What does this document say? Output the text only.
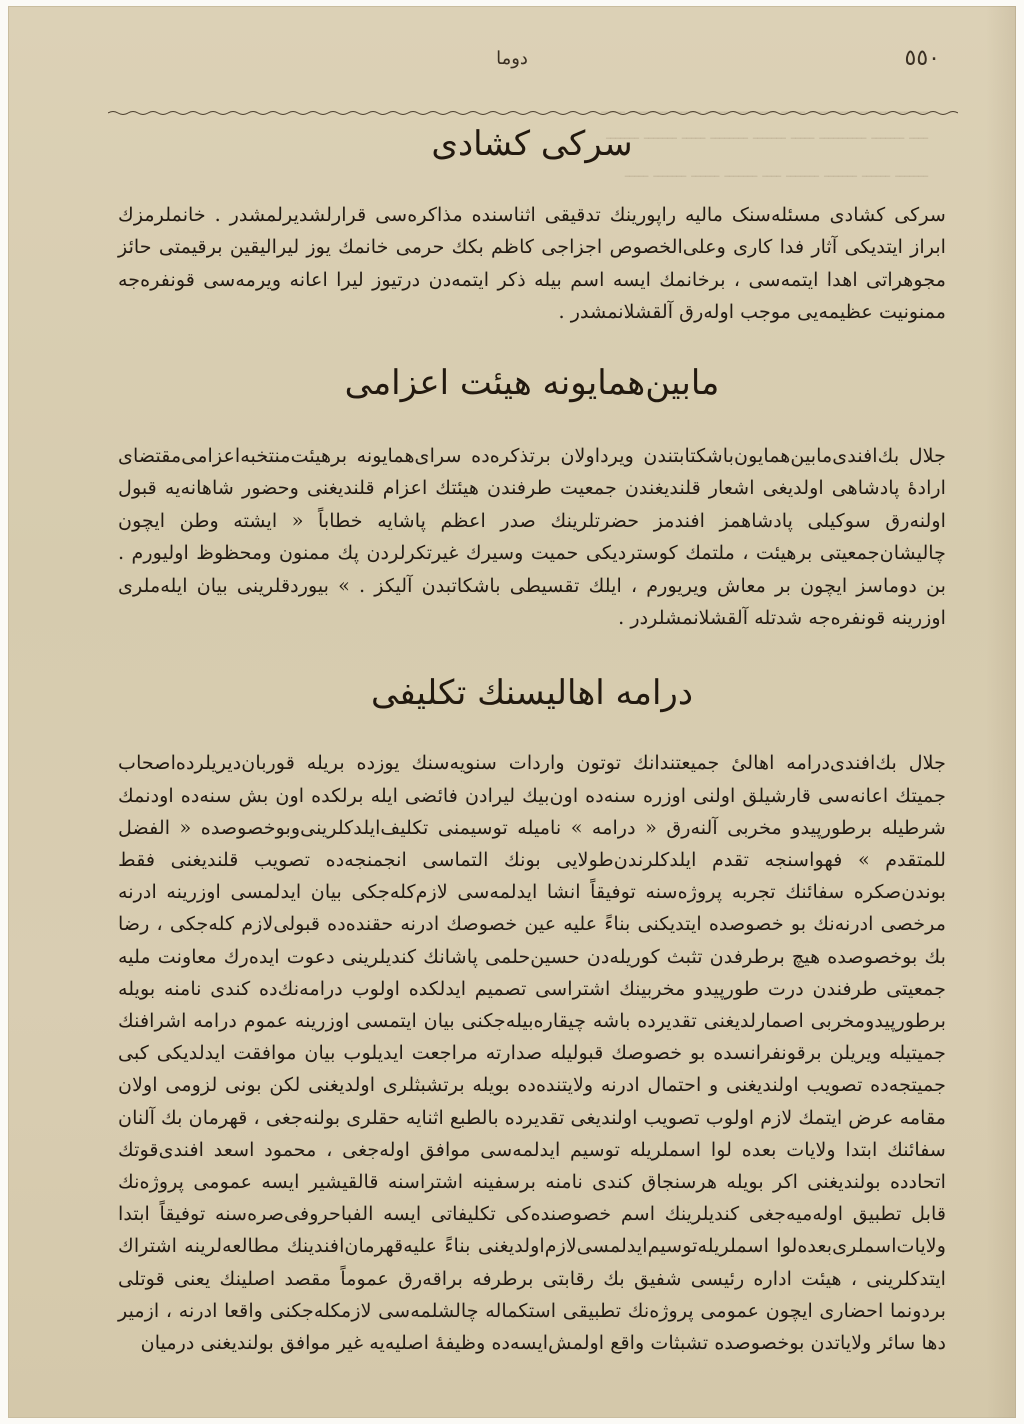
ـــــــ ـــــــ ـــــــــ ـــــ ـــــــــ ـــــ ــــــ ــــــــ ـــــ
ــــ ـــــــ ــــــــــ ـــــ ـــــــ ــــــــ ـــــ ـــــــ ـــــــ
ـــــــ ــــــ ـــــــ ـــــــ ــــ ـــــــ ــــــ ـــــــ ـــــ
دوما	٥٥٠
سرکی کشادی

سرکی کشادی مسئله‌سنک مالیه راپورینك تدقیقی اثناسنده مذاکره‌سی قرارلشدیرلمشدر . خانملرمزك ابراز ایتدیکی آثار فدا کاری وعلی‌الخصوص اجزاجی کاظم بکك حرمی خانمك یوز لیرالیقین برقیمتی حائز مجوهراتی اهدا ایتمه‌سی ، برخانمك ایسه اسم بیله ذکر ایتمه‌دن درتیوز لیرا اعانه ویرمه‌سی قونفره‌جه ممنونیت عظیمه‌یی موجب اوله‌رق آلقشلانمشدر .

مابین‌همایونه هیئت اعزامی

جلال بك‌افندی‌مابین‌همایون‌باشکتابتندن ویرداولان برتذکره‌ده سرای‌همایونه برهیئت‌منتخبه‌اعزامی‌مقتضای ارادهٔ پادشاهی اولدیغی اشعار قلندیغندن جمعیت طرفندن هیئتك اعزام قلندیغنی وحضور شاهانه‌یه قبول اولنه‌رق سوکیلی پادشاهمز افندمز حضرتلرینك صدر اعظم پاشایه خطاباً « ایشته وطن ایچون چالیشان‌جمعیتی برهیئت ، ملتمك کوستردیکی حمیت وسیرك غیرتکرلردن پك ممنون ومحظوظ اولیورم . بن دوماسز ایچون بر معاش ویریورم ، ایلك تقسیطی باشکاتبدن آلیکز . » بیوردقلرینی بیان ایله‌ملری اوزرینه قونفره‌جه شدتله آلقشلانمشلردر .

درامه اهالیسنك تکلیفی

جلال بك‌افندی‌درامه اهالی‌ٔ جمیعتندانك توتون واردات سنویه‌سنك یوزده بریله قوربان‌دیریلرده‌اصحاب جمیتك اعانه‌سی قارشیلق اولنی اوزره سنه‌ده اون‌بیك لیرادن فائضی ایله برلکده اون بش سنه‌ده اودنمك شرطیله برطورپیدو مخربی آلنه‌رق « درامه » نامیله توسیمنی تکلیف‌ایلدکلرینی‌وبوخصوصده « الفضل للمتقدم » فهواسنجه تقدم ایلدکلرندن‌طولایی بونك التماسی انجمنجه‌ده تصویب قلندیغنی فقط بوندن‌صکره سفائنك تجربه پروژه‌سنه توفیقاً انشا ایدلمه‌سی لازم‌کله‌جکی بیان ایدلمسی اوزرینه ادرنه مرخصی ادرنه‌نك بو خصوصده ایتدیکنی بناءً علیه عین خصوصك ادرنه حقنده‌ده قبولی‌لازم کله‌جکی ، رضا بك بوخصوصده هیچ برطرفدن تثبث کوریله‌دن حسین‌حلمی پاشانك کندیلرینی دعوت ایده‌رك معاونت ملیه جمعیتی طرفندن درت طورپیدو مخربینك اشتراسی تصمیم ایدلکده اولوب درامه‌نك‌ده کندی نامنه بویله برطورپیدومخربی اصمارلدیغنی تقدیرده باشه چیقاره‌بیله‌جکنی بیان ایتمسی اوزرینه عموم درامه اشرافنك جمیتیله ویریلن برقونفرانسده بو خصوصك قبولیله صدارته مراجعت ایدیلوب بیان موافقت ایدلدیکی کبی جمیتجه‌ده تصویب اولندیغنی و احتمال ادرنه ولایتنده‌ده بویله برتشبثلری اولدیغنی لکن بونی لزومی اولان مقامه عرض ایتمك لازم اولوب تصویب اولندیغی تقدیرده بالطبع اثنایه حقلری بولنه‌جغی ، قهرمان بك آلنان سفائنك ابتدا ولایات بعده لوا اسملریله توسیم ایدلمه‌سی موافق اوله‌جغی ، محمود اسعد افندی‌قوتك اتحادده بولندیغنی اکر بویله هرسنجاق کندی نامنه برسفینه اشتراسنه قالقیشیر ایسه عمومی پروژه‌نك قابل تطبیق اوله‌میه‌جغی کندیلرینك اسم خصوصنده‌کی تکلیفاتی ایسه الفباحروفی‌صره‌سنه توفیقاً ابتدا ولایات‌اسملری‌بعده‌لوا اسملریله‌توسیم‌ایدلمسی‌لازم‌اولدیغنی‌ بناءً علیه‌قهرمان‌افندینك مطالعه‌لرینه اشتراك ایتدکلرینی ، هیئت اداره رئیسی شفیق بك رقابتی برطرفه براقه‌رق عموماً مقصد اصلینك یعنی قوتلی بردونما احضاری ایچون عمومی پروژه‌نك تطبیقی استکماله چالشلمه‌سی لازمکله‌جکنی واقعا ادرنه ، ازمیر دها سائر ولایاتدن بوخصوصده تشبثات واقع اولمش‌ایسه‌ده وظیفهٔ اصلیه‌یه غیر موافق بولندیغنی درمیان
